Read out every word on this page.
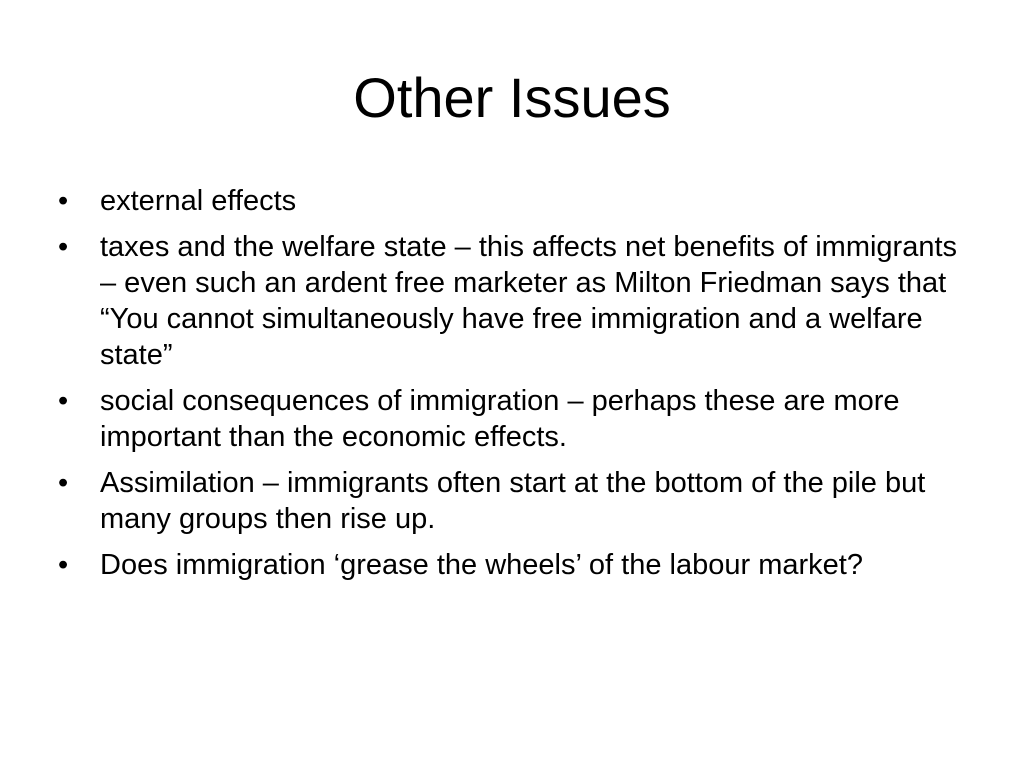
Other Issues
•	external effects
•	taxes and the welfare state – this affects net benefits of immigrants – even such an ardent free marketer as Milton Friedman says that “You cannot simultaneously have free immigration and a welfare state”
•	social consequences of immigration – perhaps these are more important than the economic effects.
•	Assimilation – immigrants often start at the bottom of the pile but many groups then rise up.
•	Does immigration ‘grease the wheels’ of the labour market?
